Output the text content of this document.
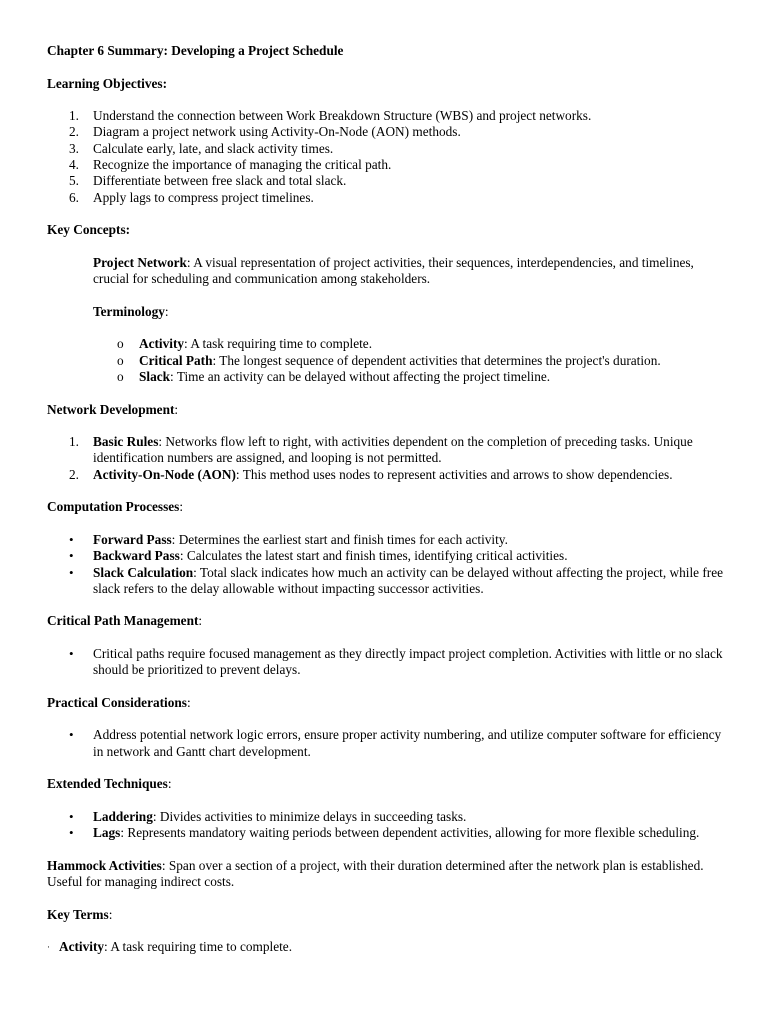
Chapter 6 Summary: Developing a Project Schedule

Learning Objectives:

1. Understand the connection between Work Breakdown Structure (WBS) and project networks.
2. Diagram a project network using Activity-On-Node (AON) methods.
3. Calculate early, late, and slack activity times.
4. Recognize the importance of managing the critical path.
5. Differentiate between free slack and total slack.
6. Apply lags to compress project timelines.

Key Concepts:

Project Network: A visual representation of project activities, their sequences, interdependencies, and timelines, crucial for scheduling and communication among stakeholders.

Terminology:

o Activity: A task requiring time to complete.
o Critical Path: The longest sequence of dependent activities that determines the project's duration.
o Slack: Time an activity can be delayed without affecting the project timeline.

Network Development:

1. Basic Rules: Networks flow left to right, with activities dependent on the completion of preceding tasks. Unique identification numbers are assigned, and looping is not permitted.
2. Activity-On-Node (AON): This method uses nodes to represent activities and arrows to show dependencies.

Computation Processes:

• Forward Pass: Determines the earliest start and finish times for each activity.
• Backward Pass: Calculates the latest start and finish times, identifying critical activities.
• Slack Calculation: Total slack indicates how much an activity can be delayed without affecting the project, while free slack refers to the delay allowable without impacting successor activities.

Critical Path Management:

• Critical paths require focused management as they directly impact project completion. Activities with little or no slack should be prioritized to prevent delays.

Practical Considerations:

• Address potential network logic errors, ensure proper activity numbering, and utilize computer software for efficiency in network and Gantt chart development.

Extended Techniques:

• Laddering: Divides activities to minimize delays in succeeding tasks.
• Lags: Represents mandatory waiting periods between dependent activities, allowing for more flexible scheduling.

Hammock Activities: Span over a section of a project, with their duration determined after the network plan is established. Useful for managing indirect costs.

Key Terms:

· Activity: A task requiring time to complete.
